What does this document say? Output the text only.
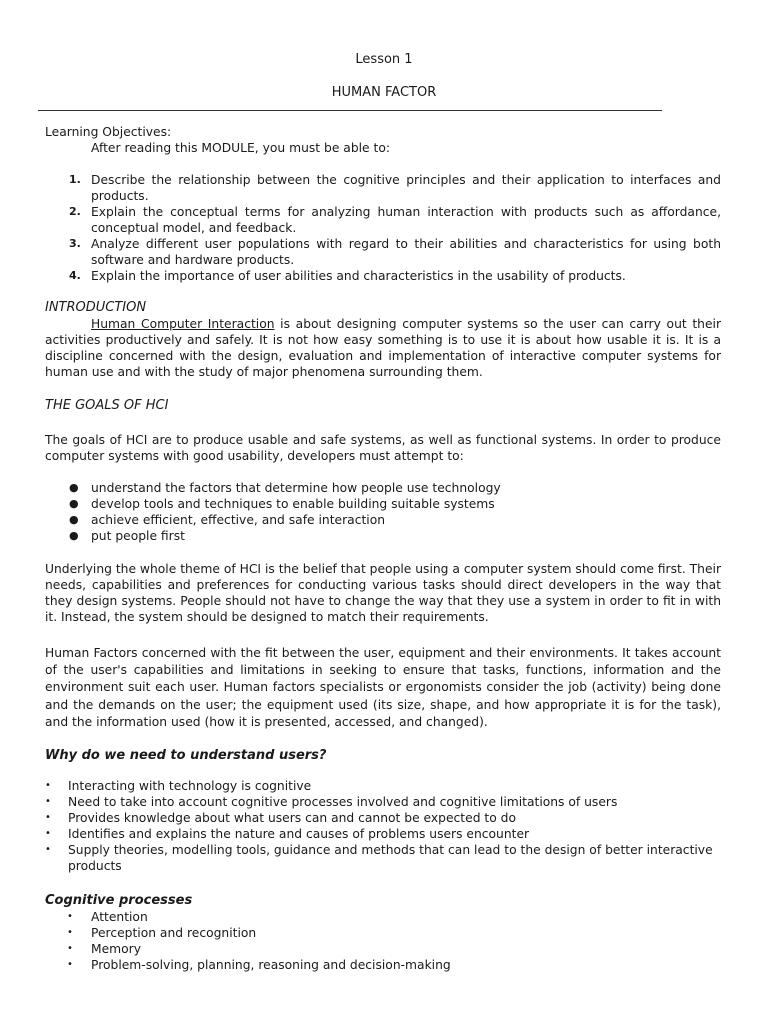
Lesson 1
HUMAN FACTOR

Learning Objectives:

After reading this MODULE, you must be able to:

1. Describe the relationship between the cognitive principles and their application to interfaces and products.
2. Explain the conceptual terms for analyzing human interaction with products such as affordance, conceptual model, and feedback.
3. Analyze different user populations with regard to their abilities and characteristics for using both software and hardware products.
4. Explain the importance of user abilities and characteristics in the usability of products.

INTRODUCTION

Human Computer Interaction is about designing computer systems so the user can carry out their activities productively and safely. It is not how easy something is to use it is about how usable it is. It is a discipline concerned with the design, evaluation and implementation of interactive computer systems for human use and with the study of major phenomena surrounding them.

THE GOALS OF HCI

The goals of HCI are to produce usable and safe systems, as well as functional systems. In order to produce computer systems with good usability, developers must attempt to:
● understand the factors that determine how people use technology
● develop tools and techniques to enable building suitable systems
● achieve efficient, effective, and safe interaction
● put people first
Underlying the whole theme of HCI is the belief that people using a computer system should come first. Their needs, capabilities and preferences for conducting various tasks should direct developers in the way that they design systems. People should not have to change the way that they use a system in order to fit in with it. Instead, the system should be designed to match their requirements.
Human Factors concerned with the fit between the user, equipment and their environments. It takes account of the user's capabilities and limitations in seeking to ensure that tasks, functions, information and the environment suit each user. Human factors specialists or ergonomists consider the job (activity) being done and the demands on the user; the equipment used (its size, shape, and how appropriate it is for the task), and the information used (how it is presented, accessed, and changed).

Why do we need to understand users?

• Interacting with technology is cognitive
• Need to take into account cognitive processes involved and cognitive limitations of users
• Provides knowledge about what users can and cannot be expected to do
• Identifies and explains the nature and causes of problems users encounter
• Supply theories, modelling tools, guidance and methods that can lead to the design of better interactive products

Cognitive processes

• Attention
• Perception and recognition
• Memory
• Problem-solving, planning, reasoning and decision-making
